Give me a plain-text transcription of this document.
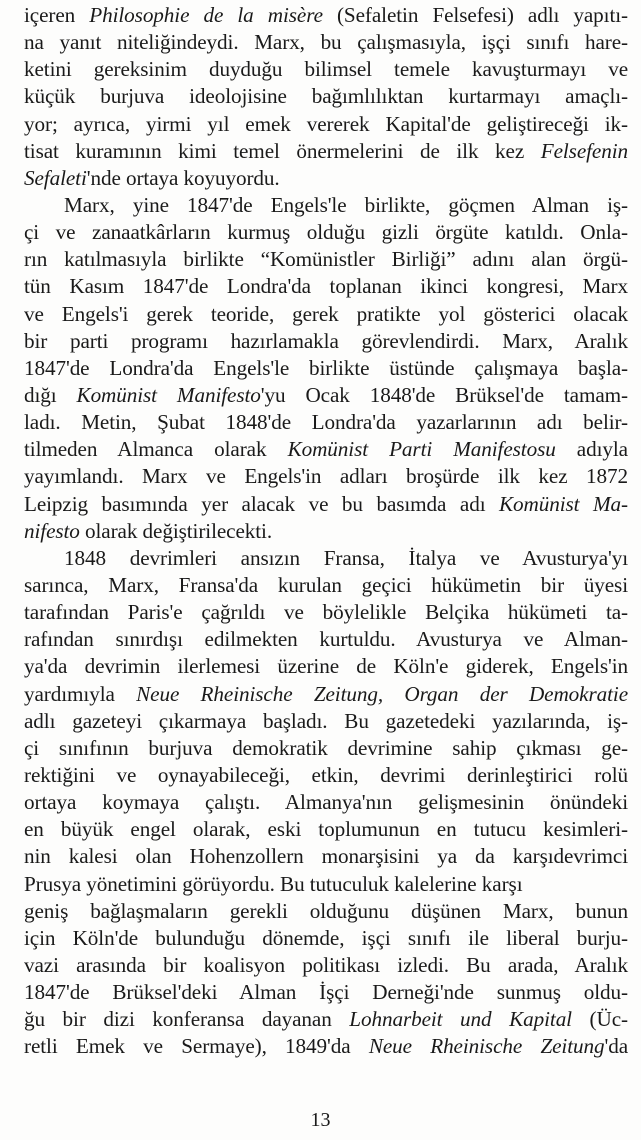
içeren Philosophie de la misère (Sefaletin Felsefesi) adlı yapıtı-
na yanıt niteliğindeydi. Marx, bu çalışmasıyla, işçi sınıfı hare-
ketini gereksinim duyduğu bilimsel temele kavuşturmayı ve
küçük burjuva ideolojisine bağımlılıktan kurtarmayı amaçlı-
yor; ayrıca, yirmi yıl emek vererek Kapital'de geliştireceği ik-
tisat kuramının kimi temel önermelerini de ilk kez Felsefenin
Sefaleti'nde ortaya koyuyordu.
Marx, yine 1847'de Engels'le birlikte, göçmen Alman iş-
çi ve zanaatkârların kurmuş olduğu gizli örgüte katıldı. Onla-
rın katılmasıyla birlikte “Komünistler Birliği” adını alan örgü-
tün Kasım 1847'de Londra'da toplanan ikinci kongresi, Marx
ve Engels'i gerek teoride, gerek pratikte yol gösterici olacak
bir parti programı hazırlamakla görevlendirdi. Marx, Aralık
1847'de Londra'da Engels'le birlikte üstünde çalışmaya başla-
dığı Komünist Manifesto'yu Ocak 1848'de Brüksel'de tamam-
ladı. Metin, Şubat 1848'de Londra'da yazarlarının adı belir-
tilmeden Almanca olarak Komünist Parti Manifestosu adıyla
yayımlandı. Marx ve Engels'in adları broşürde ilk kez 1872
Leipzig basımında yer alacak ve bu basımda adı Komünist Ma-
nifesto olarak değiştirilecekti.
1848 devrimleri ansızın Fransa, İtalya ve Avusturya'yı
sarınca, Marx, Fransa'da kurulan geçici hükümetin bir üyesi
tarafından Paris'e çağrıldı ve böylelikle Belçika hükümeti ta-
rafından sınırdışı edilmekten kurtuldu. Avusturya ve Alman-
ya'da devrimin ilerlemesi üzerine de Köln'e giderek, Engels'in
yardımıyla Neue Rheinische Zeitung, Organ der Demokratie
adlı gazeteyi çıkarmaya başladı. Bu gazetedeki yazılarında, iş-
çi sınıfının burjuva demokratik devrimine sahip çıkması ge-
rektiğini ve oynayabileceği, etkin, devrimi derinleştirici rolü
ortaya koymaya çalıştı. Almanya'nın gelişmesinin önündeki
en büyük engel olarak, eski toplumunun en tutucu kesimleri-
nin kalesi olan Hohenzollern monarşisini ya da karşıdevrimci
Prusya yönetimini görüyordu. Bu tutuculuk kalelerine karşı
geniş bağlaşmaların gerekli olduğunu düşünen Marx, bunun
için Köln'de bulunduğu dönemde, işçi sınıfı ile liberal burju-
vazi arasında bir koalisyon politikası izledi. Bu arada, Aralık
1847'de Brüksel'deki Alman İşçi Derneği'nde sunmuş oldu-
ğu bir dizi konferansa dayanan Lohnarbeit und Kapital (Üc-
retli Emek ve Sermaye), 1849'da Neue Rheinische Zeitung'da
13
